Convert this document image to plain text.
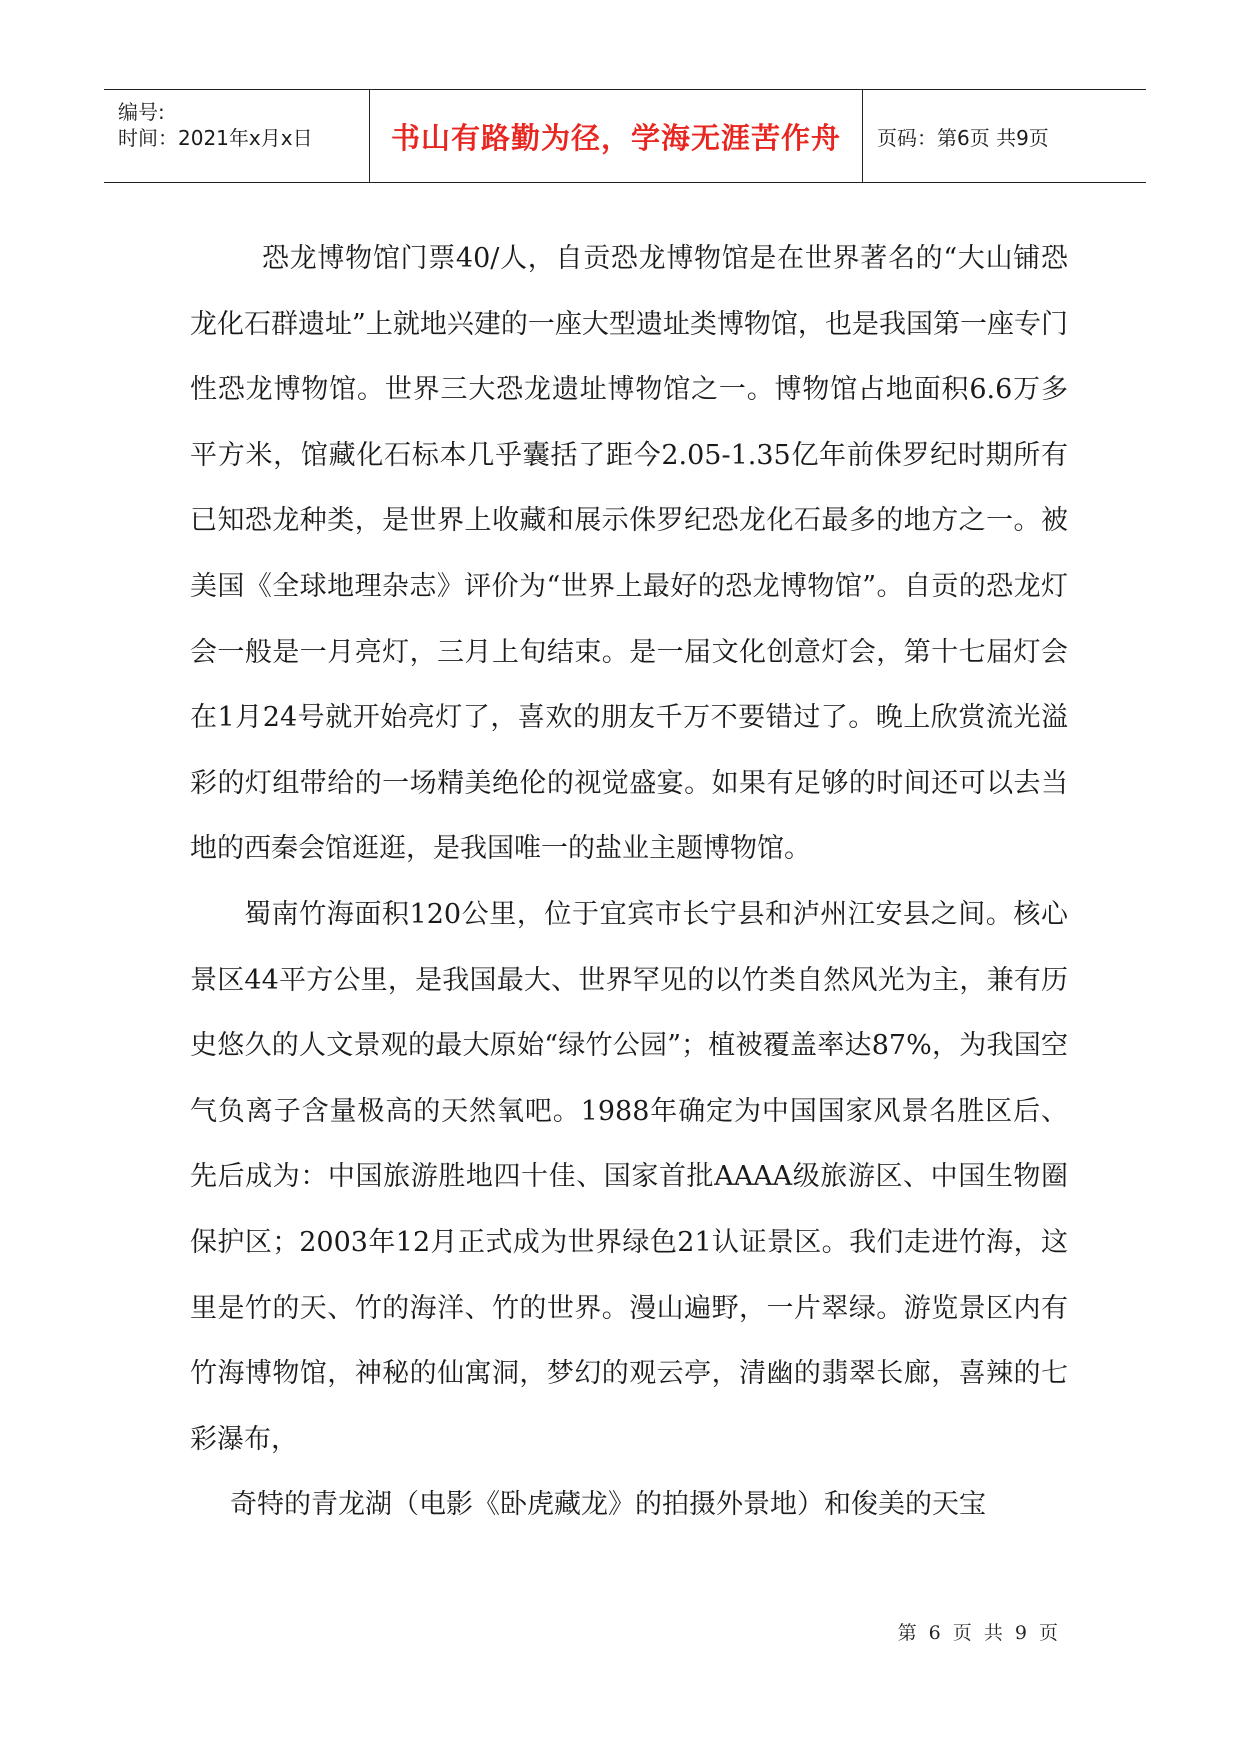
编号:
时间：2021年x月x日	书山有路勤为径，学海无涯苦作舟 页码：第6页 共9页

恐龙博物馆门票40/人，自贡恐龙博物馆是在世界著名的“大山铺恐龙化石群遗址”上就地兴建的一座大型遗址类博物馆，也是我国第一座专门性恐龙博物馆。世界三大恐龙遗址博物馆之一。博物馆占地面积6.6万多平方米，馆藏化石标本几乎囊括了距今2.05-1.35亿年前侏罗纪时期所有已知恐龙种类，是世界上收藏和展示侏罗纪恐龙化石最多的地方之一。被美国《全球地理杂志》评价为“世界上最好的恐龙博物馆”。自贡的恐龙灯会一般是一月亮灯，三月上旬结束。是一届文化创意灯会，第十七届灯会在1月24号就开始亮灯了，喜欢的朋友千万不要错过了。晚上欣赏流光溢彩的灯组带给的一场精美绝伦的视觉盛宴。如果有足够的时间还可以去当地的西秦会馆逛逛，是我国唯一的盐业主题博物馆。

蜀南竹海面积120公里，位于宜宾市长宁县和泸州江安县之间。核心景区44平方公里，是我国最大、世界罕见的以竹类自然风光为主，兼有历史悠久的人文景观的最大原始“绿竹公园”；植被覆盖率达87%，为我国空气负离子含量极高的天然氧吧。1988年确定为中国国家风景名胜区后、先后成为：中国旅游胜地四十佳、国家首批AAAA级旅游区、中国生物圈保护区；2003年12月正式成为世界绿色21认证景区。我们走进竹海，这里是竹的天、竹的海洋、竹的世界。漫山遍野，一片翠绿。游览景区内有竹海博物馆，神秘的仙寓洞，梦幻的观云亭，清幽的翡翠长廊，喜辣的七彩瀑布，

奇特的青龙湖（电影《卧虎藏龙》的拍摄外景地）和俊美的天宝

第 6 页 共 9 页
